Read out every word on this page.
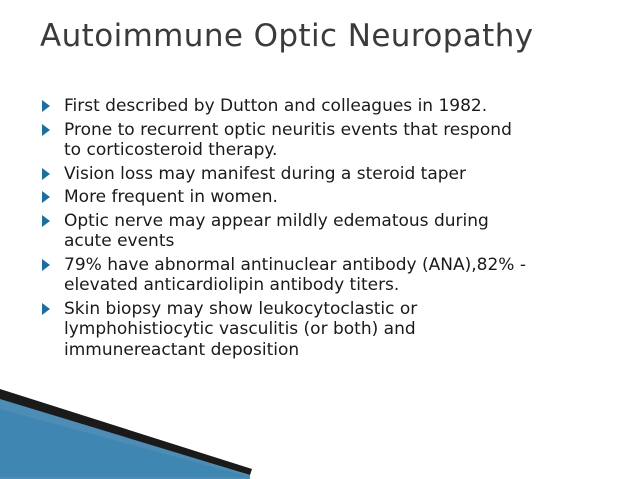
Autoimmune Optic Neuropathy
First described by Dutton and colleagues in 1982.
Prone to recurrent optic neuritis events that respond
to corticosteroid therapy.
Vision loss may manifest during a steroid taper
More frequent in women.
Optic nerve may appear mildly edematous during
acute events
79% have abnormal antinuclear antibody (ANA),82% -
elevated anticardiolipin antibody titers.
Skin biopsy may show leukocytoclastic or
lymphohistiocytic vasculitis (or both) and
immunereactant deposition
